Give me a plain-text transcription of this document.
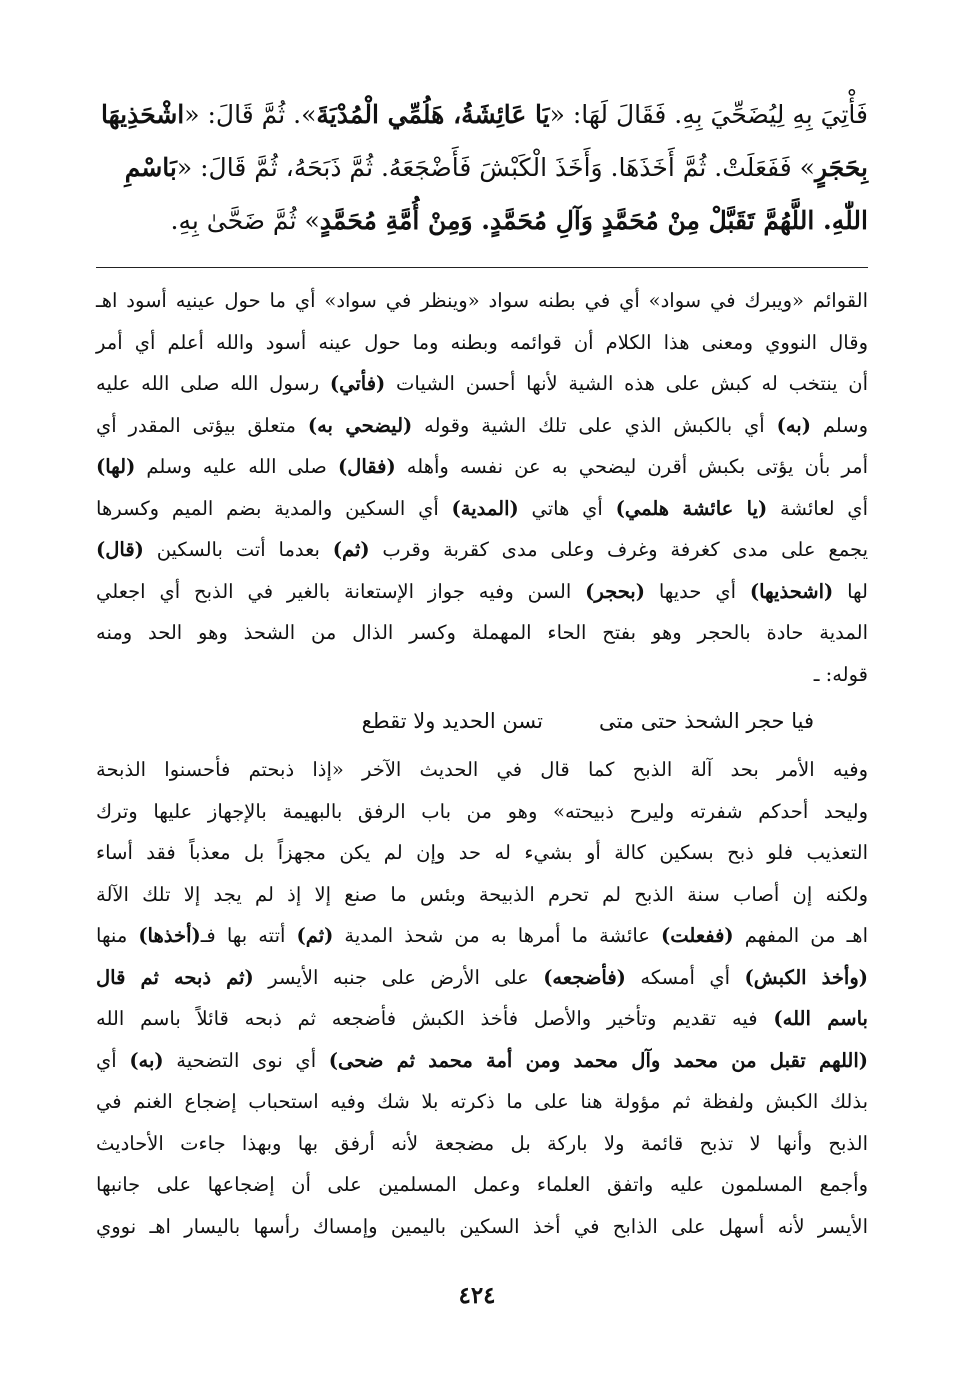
فَأْتِيَ بِهِ لِيُضَحِّيَ بِهِ. فَقَالَ لَهَا: «يَا عَائِشَةُ، هَلُمِّي الْمُدْيَةَ». ثُمَّ قَالَ: «اشْحَذِيهَا

بِحَجَرٍ» فَفَعَلَتْ. ثُمَّ أَخَذَهَا. وَأَخَذَ الْكَبْشَ فَأَضْجَعَهُ. ثُمَّ ذَبَحَهُ، ثُمَّ قَالَ: «بَاسْمِ

اللّٰهِ. اللَّهُمَّ تَقَبَّلْ مِنْ مُحَمَّدٍ وَآلِ مُحَمَّدٍ. وَمِنْ أُمَّةِ مُحَمَّدٍ» ثُمَّ ضَحَّىٰ بِهِ.

القوائم «ويبرك في سواد» أي في بطنه سواد «وينظر في سواد» أي ما حول عينيه أسود اهـ

وقال النووي ومعنى هذا الكلام أن قوائمه وبطنه وما حول عينه أسود والله أعلم أي أمر

أن ينتخب له كبش على هذه الشية لأنها أحسن الشيات (فأتي) رسول الله صلى الله عليه

وسلم (به) أي بالكبش الذي على تلك الشية وقوله (ليضحي به) متعلق بيؤتى المقدر أي

أمر بأن يؤتى بكبش أقرن ليضحي به عن نفسه وأهله (فقال) صلى الله عليه وسلم (لها)

أي لعائشة (يا عائشة هلمي) أي هاتي (المدية) أي السكين والمدية بضم الميم وكسرها

يجمع على مدى كغرفة وغرف وعلى مدى كقربة وقرب (ثم) بعدما أتت بالسكين (قال)

لها (اشحذيها) أي حديها (بحجر) السن وفيه جواز الإستعانة بالغير في الذبح أي اجعلي

المدية حادة بالحجر وهو بفتح الحاء المهملة وكسر الذال من الشحذ وهو الحد ومنه

قوله: ـ

فيا حجر الشحذ حتى متى
تسن الحديد ولا تقطع

وفيه الأمر بحد آلة الذبح كما قال في الحديث الآخر «إذا ذبحتم فأحسنوا الذبحة

وليحد أحدكم شفرته وليرح ذبيحته» وهو من باب الرفق بالبهيمة بالإجهاز عليها وترك

التعذيب فلو ذبح بسكين كالة أو بشيء له حد وإن لم يكن مجهزاً بل معذباً فقد أساء

ولكنه إن أصاب سنة الذبح لم تحرم الذبيحة وبئس ما صنع إلا إذ لم يجد إلا تلك الآلة

اهـ من المفهم (ففعلت) عائشة ما أمرها به من شحذ المدية (ثم) أتته بها فـ(أخذها) منها

(وأخذ الكبش) أي أمسكه (فأضجعه) على الأرض على جنبه الأيسر (ثم ذبحه ثم قال

باسم الله) فيه تقديم وتأخير والأصل فأخذ الكبش فأضجعه ثم ذبحه قائلاً باسم الله

(اللهم تقبل من محمد وآل محمد ومن أمة محمد ثم ضحى) أي نوى التضحية (به) أي

بذلك الكبش ولفظة ثم مؤولة هنا على ما ذكرته بلا شك وفيه استحباب إضجاع الغنم في

الذبح وأنها لا تذبح قائمة ولا باركة بل مضجعة لأنه أرفق بها وبهذا جاءت الأحاديث

وأجمع المسلمون عليه واتفق العلماء وعمل المسلمين على أن إضجاعها على جانبها

الأيسر لأنه أسهل على الذابح في أخذ السكين باليمين وإمساك رأسها باليسار اهـ نووي

٤٢٤
